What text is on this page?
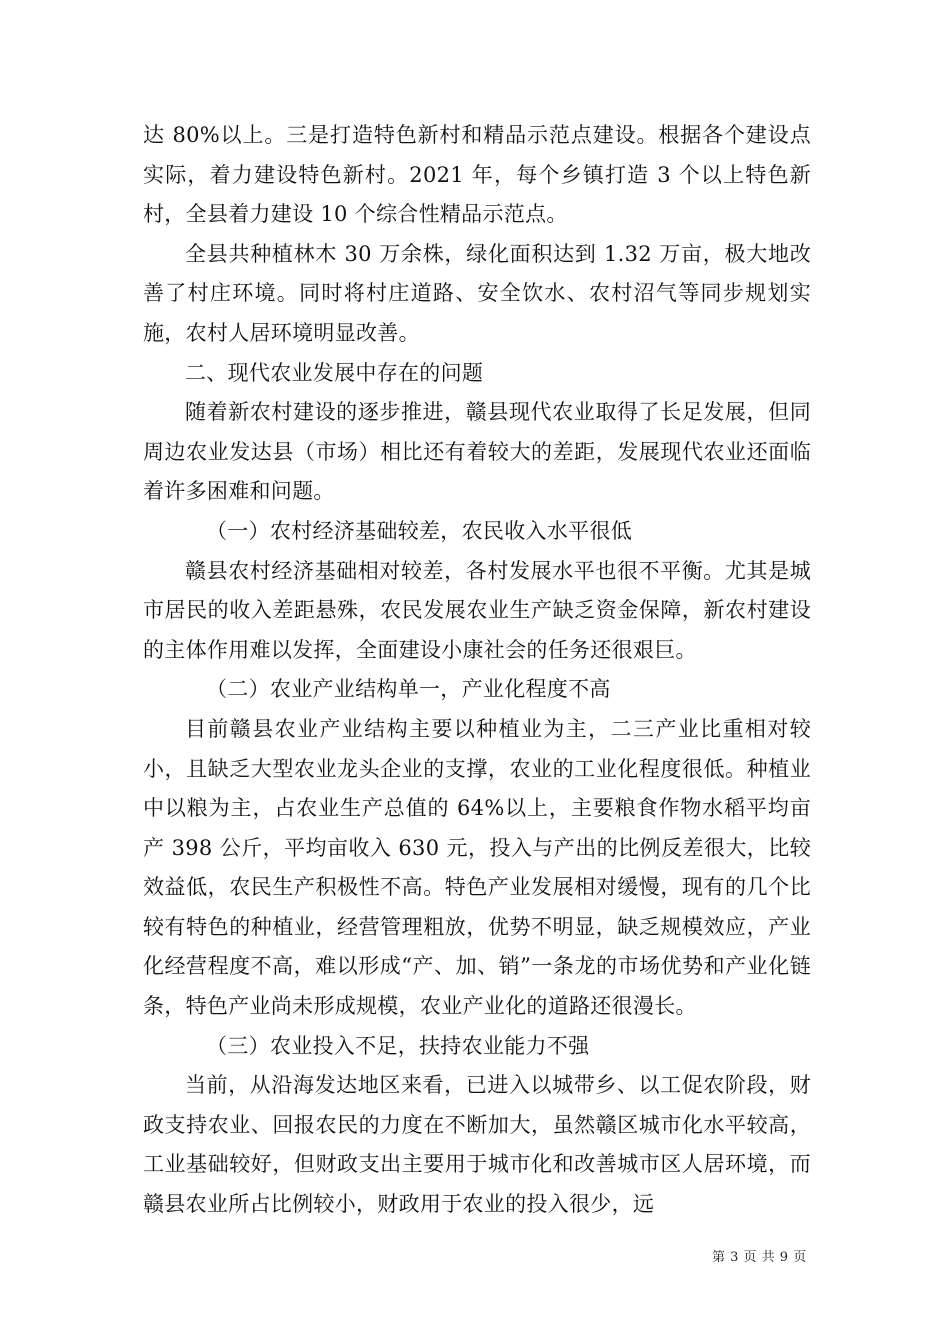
达 80%以上。三是打造特色新村和精品示范点建设。根据各个建设点实际，着力建设特色新村。2021 年，每个乡镇打造 3 个以上特色新村，全县着力建设 10 个综合性精品示范点。

全县共种植林木 30 万余株，绿化面积达到 1.32 万亩，极大地改善了村庄环境。同时将村庄道路、安全饮水、农村沼气等同步规划实施，农村人居环境明显改善。

二、现代农业发展中存在的问题

随着新农村建设的逐步推进，赣县现代农业取得了长足发展，但同周边农业发达县（市场）相比还有着较大的差距，发展现代农业还面临着许多困难和问题。

（一）农村经济基础较差，农民收入水平很低

赣县农村经济基础相对较差，各村发展水平也很不平衡。尤其是城市居民的收入差距悬殊，农民发展农业生产缺乏资金保障，新农村建设的主体作用难以发挥，全面建设小康社会的任务还很艰巨。

（二）农业产业结构单一，产业化程度不高

目前赣县农业产业结构主要以种植业为主，二三产业比重相对较小，且缺乏大型农业龙头企业的支撑，农业的工业化程度很低。种植业中以粮为主，占农业生产总值的 64%以上，主要粮食作物水稻平均亩产 398 公斤，平均亩收入 630 元，投入与产出的比例反差很大，比较效益低，农民生产积极性不高。特色产业发展相对缓慢，现有的几个比较有特色的种植业，经营管理粗放，优势不明显，缺乏规模效应，产业化经营程度不高，难以形成“产、加、销”一条龙的市场优势和产业化链条，特色产业尚未形成规模，农业产业化的道路还很漫长。

（三）农业投入不足，扶持农业能力不强

当前，从沿海发达地区来看，已进入以城带乡、以工促农阶段，财政支持农业、回报农民的力度在不断加大，虽然赣区城市化水平较高，工业基础较好，但财政支出主要用于城市化和改善城市区人居环境，而赣县农业所占比例较小，财政用于农业的投入很少，远

第 3 页 共 9 页
